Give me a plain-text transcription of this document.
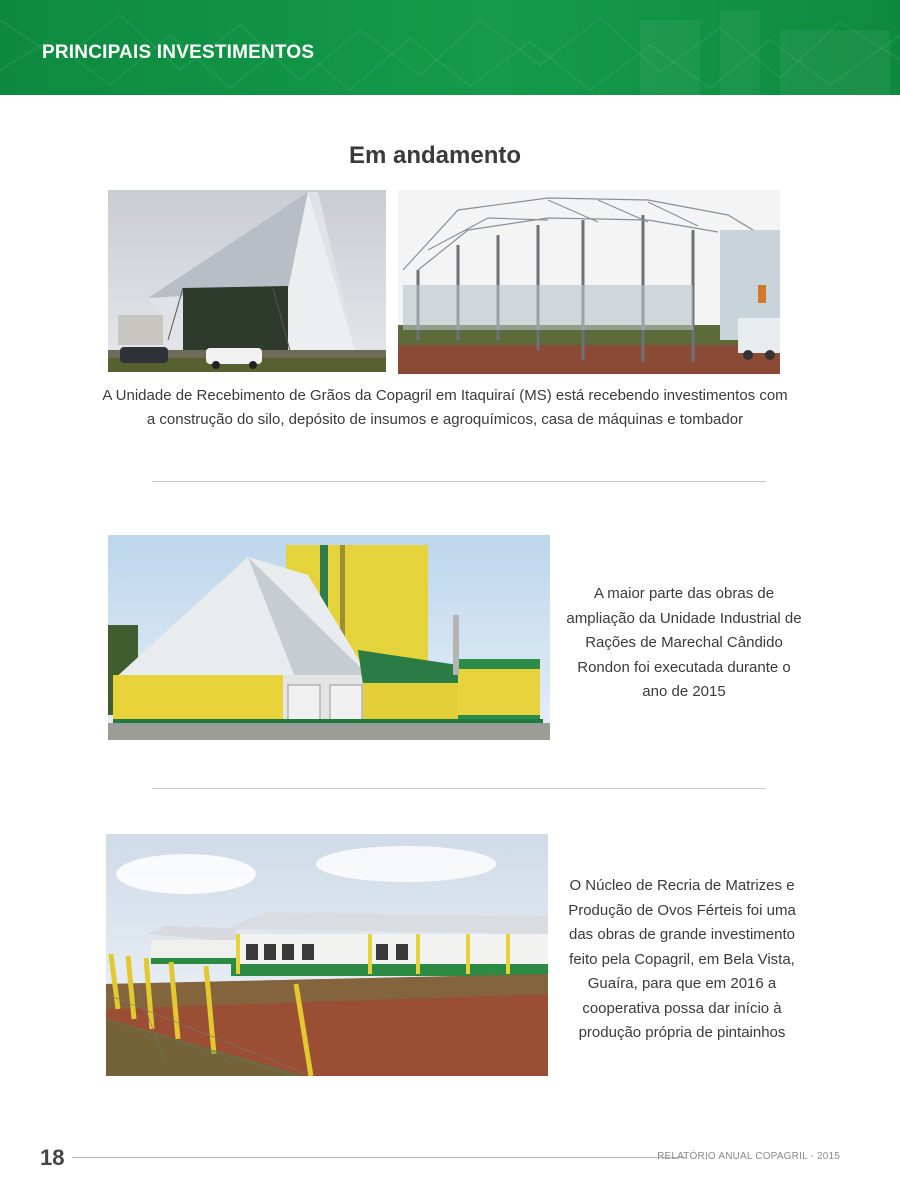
PRINCIPAIS INVESTIMENTOS
Em andamento
A Unidade de Recebimento de Grãos da Copagril em Itaquiraí (MS) está recebendo investimentos com a construção do silo, depósito de insumos e agroquímicos, casa de máquinas e tombador
A maior parte das obras de ampliação da Unidade Industrial de Rações de Marechal Cândido Rondon foi executada durante o ano de 2015
O Núcleo de Recria de Matrizes e Produção de Ovos Férteis foi uma das obras de grande investimento feito pela Copagril, em Bela Vista, Guaíra, para que em 2016 a cooperativa possa dar início à produção própria de pintainhos
18	RELATÓRIO ANUAL COPAGRIL - 2015
